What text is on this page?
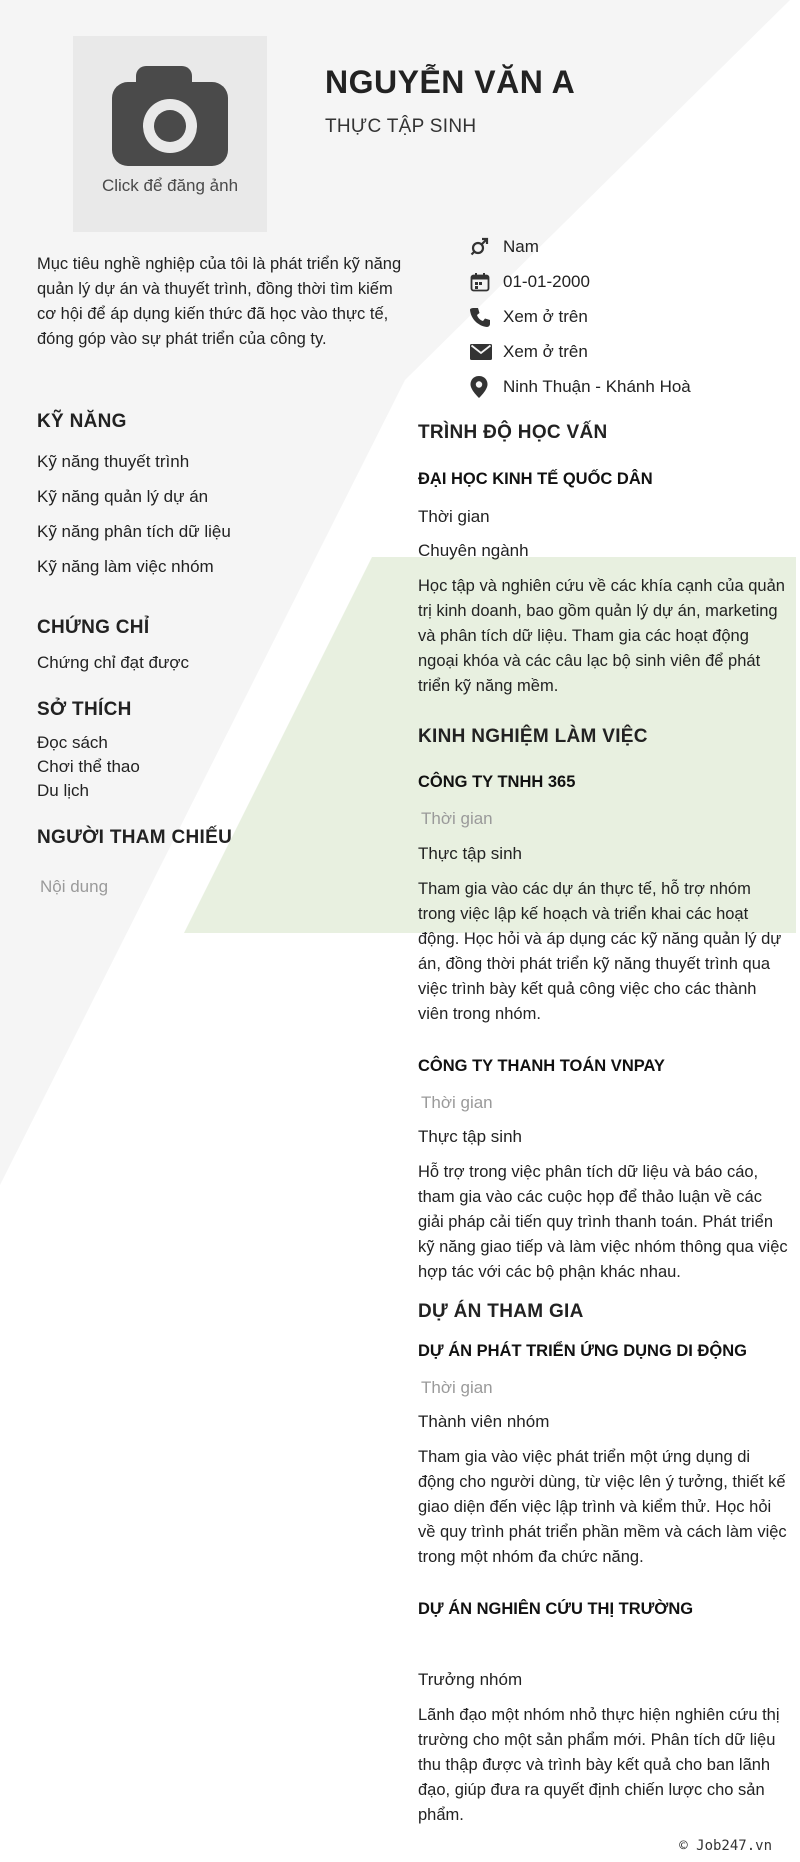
Click để đăng ảnh
NGUYỄN VĂN A
THỰC TẬP SINH
Mục tiêu nghề nghiệp của tôi là phát triển kỹ năng quản lý dự án và thuyết trình, đồng thời tìm kiếm cơ hội để áp dụng kiến thức đã học vào thực tế, đóng góp vào sự phát triển của công ty.
Nam
01-01-2000
Xem ở trên
Xem ở trên
Ninh Thuận - Khánh Hoà
KỸ NĂNG
Kỹ năng thuyết trình
Kỹ năng quản lý dự án
Kỹ năng phân tích dữ liệu
Kỹ năng làm việc nhóm
CHỨNG CHỈ
Chứng chỉ đạt được
SỞ THÍCH
Đọc sách
Chơi thể thao
Du lịch
NGƯỜI THAM CHIẾU
Nội dung
TRÌNH ĐỘ HỌC VẤN
ĐẠI HỌC KINH TẾ QUỐC DÂN
Thời gian
Chuyên ngành
Học tập và nghiên cứu về các khía cạnh của quản trị kinh doanh, bao gồm quản lý dự án, marketing và phân tích dữ liệu. Tham gia các hoạt động ngoại khóa và các câu lạc bộ sinh viên để phát triển kỹ năng mềm.
KINH NGHIỆM LÀM VIỆC
CÔNG TY TNHH 365
Thời gian
Thực tập sinh
Tham gia vào các dự án thực tế, hỗ trợ nhóm trong việc lập kế hoạch và triển khai các hoạt động. Học hỏi và áp dụng các kỹ năng quản lý dự án, đồng thời phát triển kỹ năng thuyết trình qua việc trình bày kết quả công việc cho các thành viên trong nhóm.
CÔNG TY THANH TOÁN VNPAY
Thời gian
Thực tập sinh
Hỗ trợ trong việc phân tích dữ liệu và báo cáo, tham gia vào các cuộc họp để thảo luận về các giải pháp cải tiến quy trình thanh toán. Phát triển kỹ năng giao tiếp và làm việc nhóm thông qua việc hợp tác với các bộ phận khác nhau.
DỰ ÁN THAM GIA
DỰ ÁN PHÁT TRIỂN ỨNG DỤNG DI ĐỘNG
Thời gian
Thành viên nhóm
Tham gia vào việc phát triển một ứng dụng di động cho người dùng, từ việc lên ý tưởng, thiết kế giao diện đến việc lập trình và kiểm thử. Học hỏi về quy trình phát triển phần mềm và cách làm việc trong một nhóm đa chức năng.
DỰ ÁN NGHIÊN CỨU THỊ TRƯỜNG
Trưởng nhóm
Lãnh đạo một nhóm nhỏ thực hiện nghiên cứu thị trường cho một sản phẩm mới. Phân tích dữ liệu thu thập được và trình bày kết quả cho ban lãnh đạo, giúp đưa ra quyết định chiến lược cho sản phẩm.
© Job247.vn
